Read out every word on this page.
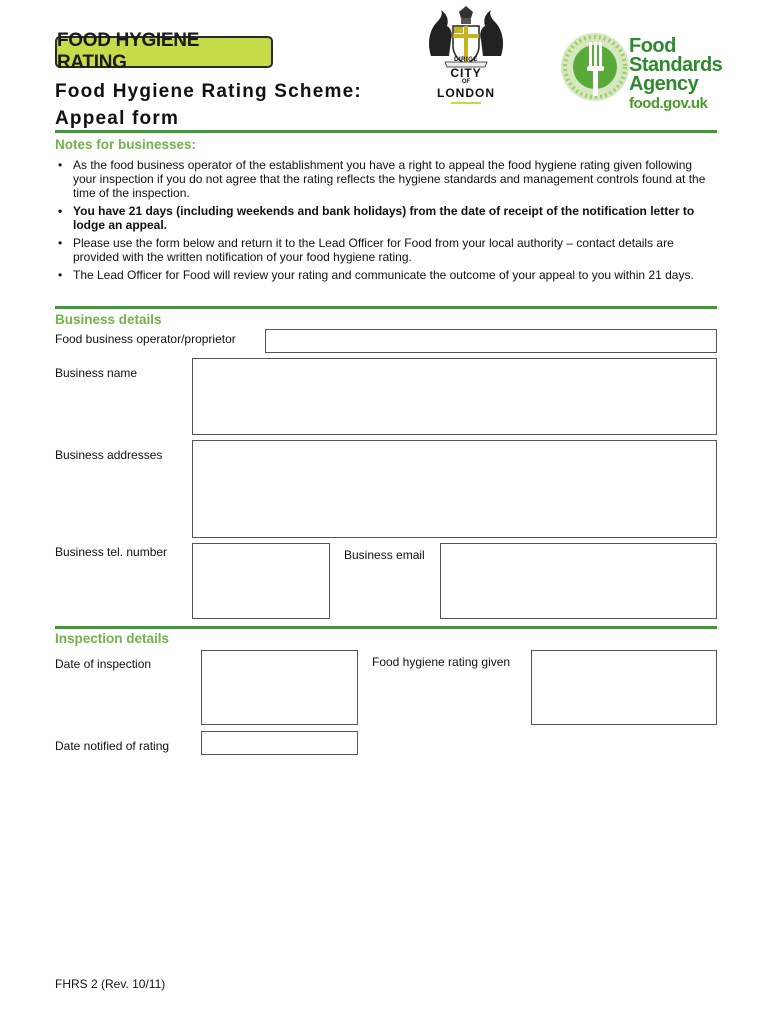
FOOD HYGIENE RATING
Food Hygiene Rating Scheme:
Appeal form
DIRIGE
CITY
OF
LONDON
Food
Standards
Agency
food.gov.uk
Notes for businesses:
• As the food business operator of the establishment you have a right to appeal the food hygiene rating given following your inspection if you do not agree that the rating reflects the hygiene standards and management controls found at the time of the inspection.
• You have 21 days (including weekends and bank holidays) from the date of receipt of the notification letter to lodge an appeal.
• Please use the form below and return it to the Lead Officer for Food from your local authority – contact details are provided with the written notification of your food hygiene rating.
• The Lead Officer for Food will review your rating and communicate the outcome of your appeal to you within 21 days.
Business details
Food business operator/proprietor
Business name
Business addresses
Business tel. number	Business email
Inspection details
Date of inspection	Food hygiene rating given
Date notified of rating
FHRS 2 (Rev. 10/11)
